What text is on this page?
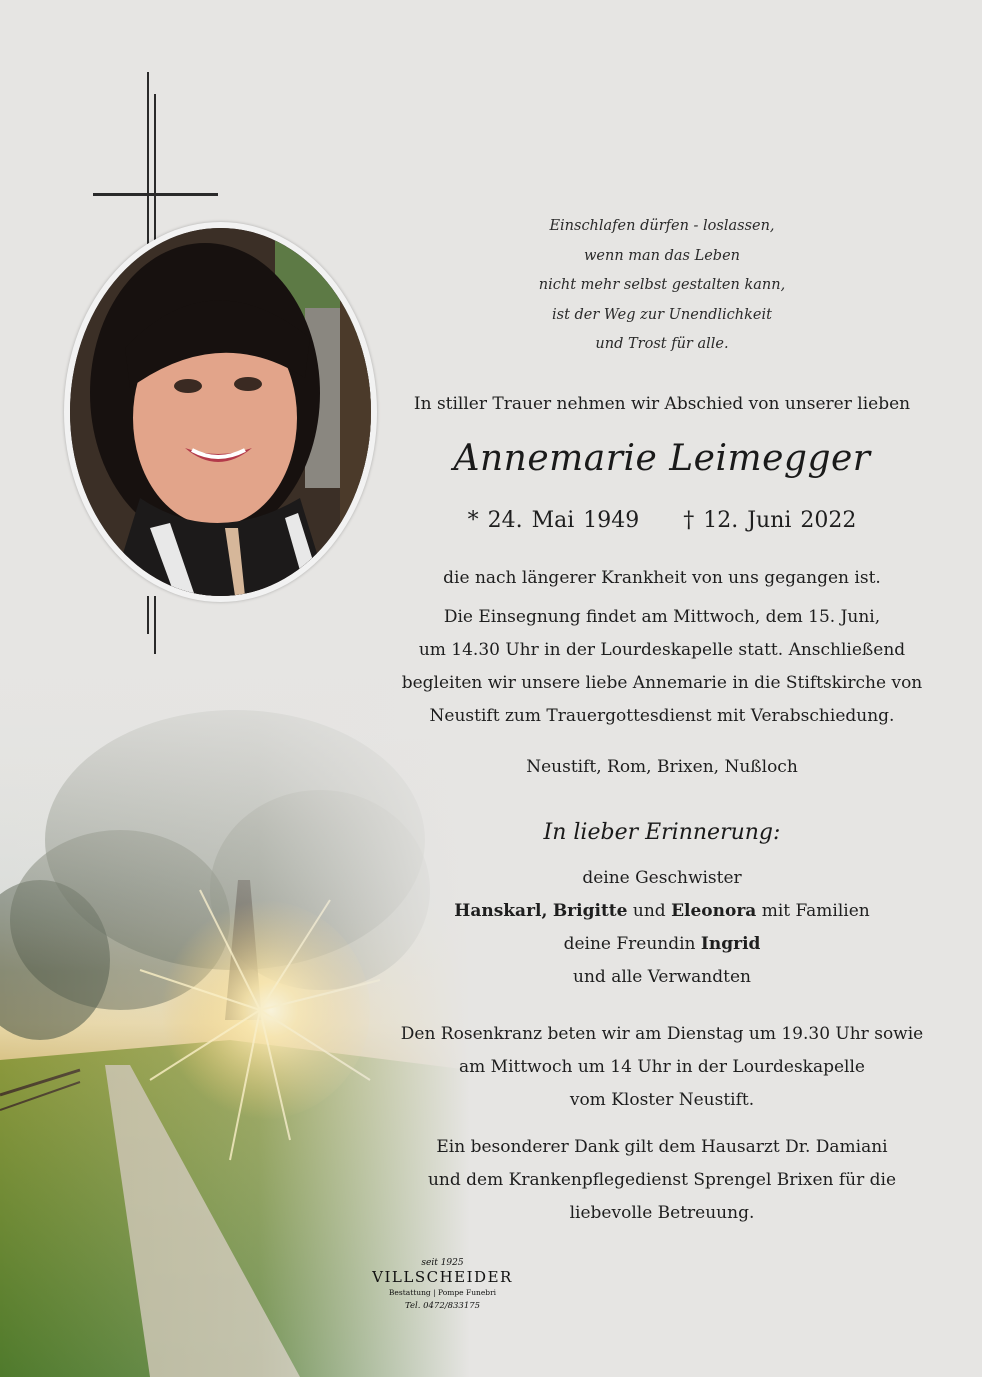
Einschlafen dürfen - loslassen,
wenn man das Leben
nicht mehr selbst gestalten kann,
ist der Weg zur Unendlichkeit
und Trost für alle.
In stiller Trauer nehmen wir Abschied von unserer lieben
Annemarie Leimegger
* 24. Mai 1949 † 12. Juni 2022
die nach längerer Krankheit von uns gegangen ist.
Die Einsegnung findet am Mittwoch, dem 15. Juni,
um 14.30 Uhr in der Lourdeskapelle statt. Anschließend
begleiten wir unsere liebe Annemarie in die Stiftskirche von
Neustift zum Trauergottesdienst mit Verabschiedung.
Neustift, Rom, Brixen, Nußloch
In lieber Erinnerung:
deine Geschwister
Hanskarl, Brigitte und Eleonora mit Familien
deine Freundin Ingrid
und alle Verwandten
Den Rosenkranz beten wir am Dienstag um 19.30 Uhr sowie
am Mittwoch um 14 Uhr in der Lourdeskapelle
vom Kloster Neustift.
Ein besonderer Dank gilt dem Hausarzt Dr. Damiani
und dem Krankenpflegedienst Sprengel Brixen für die
liebevolle Betreuung.
seit 1925
VILLSCHEIDER
Bestattung | Pompe Funebri
Tel. 0472/833175
